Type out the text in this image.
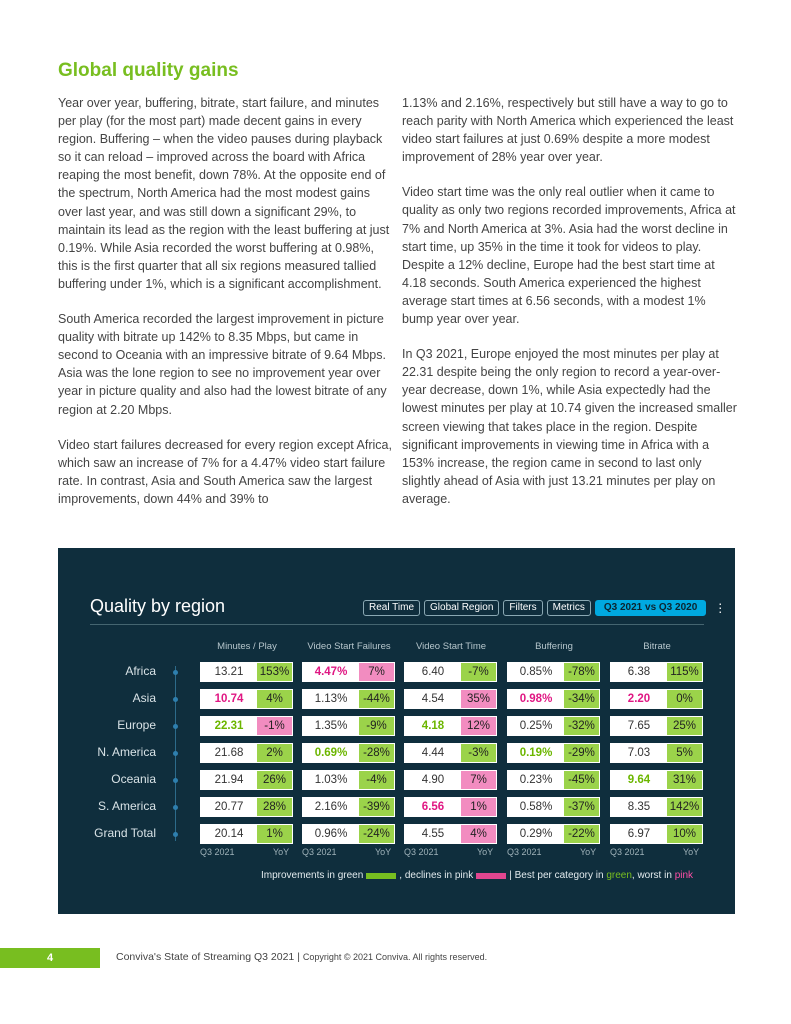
Global quality gains

Year over year, buffering, bitrate, start failure, and minutes per play (for the most part) made decent gains in every region. Buffering – when the video pauses during playback so it can reload – improved across the board with Africa reaping the most benefit, down 78%. At the opposite end of the spectrum, North America had the most modest gains over last year, and was still down a significant 29%, to maintain its lead as the region with the least buffering at just 0.19%. While Asia recorded the worst buffering at 0.98%, this is the first quarter that all six regions measured tallied buffering under 1%, which is a significant accomplishment.

South America recorded the largest improvement in picture quality with bitrate up 142% to 8.35 Mbps, but came in second to Oceania with an impressive bitrate of 9.64 Mbps. Asia was the lone region to see no improvement year over year in picture quality and also had the lowest bitrate of any region at 2.20 Mbps.

Video start failures decreased for every region except Africa, which saw an increase of 7% for a 4.47% video start failure rate. In contrast, Asia and South America saw the largest improvements, down 44% and 39% to

1.13% and 2.16%, respectively but still have a way to go to reach parity with North America which experienced the least video start failures at just 0.69% despite a more modest improvement of 28% year over year.

Video start time was the only real outlier when it came to quality as only two regions recorded improvements, Africa at 7% and North America at 3%. Asia had the worst decline in start time, up 35% in the time it took for videos to play. Despite a 12% decline, Europe had the best start time at 4.18 seconds. South America experienced the highest average start times at 6.56 seconds, with a modest 1% bump year over year.

In Q3 2021, Europe enjoyed the most minutes per play at 22.31 despite being the only region to record a year-over-year decrease, down 1%, while Asia expectedly had the lowest minutes per play at 10.74 given the increased smaller screen viewing that takes place in the region. Despite significant improvements in viewing time in Africa with a 153% increase, the region came in second to last only slightly ahead of Asia with just 13.21 minutes per play on average.

Quality by region	Real Time	Global Region	Filters	Metrics	Q3 2021 vs Q3 2020	⋮
Minutes / Play	Video Start Failures	Video Start Time	Buffering	Bitrate
Africa	13.21	153%	4.47%	7%	6.40	-7%	0.85%	-78%	6.38	115%
Asia	10.74	4%	1.13%	-44%	4.54	35%	0.98%	-34%	2.20	0%
Europe	22.31	-1%	1.35%	-9%	4.18	12%	0.25%	-32%	7.65	25%
N. America	21.68	2%	0.69%	-28%	4.44	-3%	0.19%	-29%	7.03	5%
Oceania	21.94	26%	1.03%	-4%	4.90	7%	0.23%	-45%	9.64	31%
S. America	20.77	28%	2.16%	-39%	6.56	1%	0.58%	-37%	8.35	142%
Grand Total	20.14	1%	0.96%	-24%	4.55	4%	0.29%	-22%	6.97	10%
Q3 2021	YoY Q3 2021	YoY Q3 2021	YoY Q3 2021	YoY Q3 2021	YoY
Improvements in green	, declines in pink	| Best per category in
green , worst in
pink
4	Conviva's State of Streaming Q3 2021 | Copyright © 2021 Conviva. All rights reserved.
